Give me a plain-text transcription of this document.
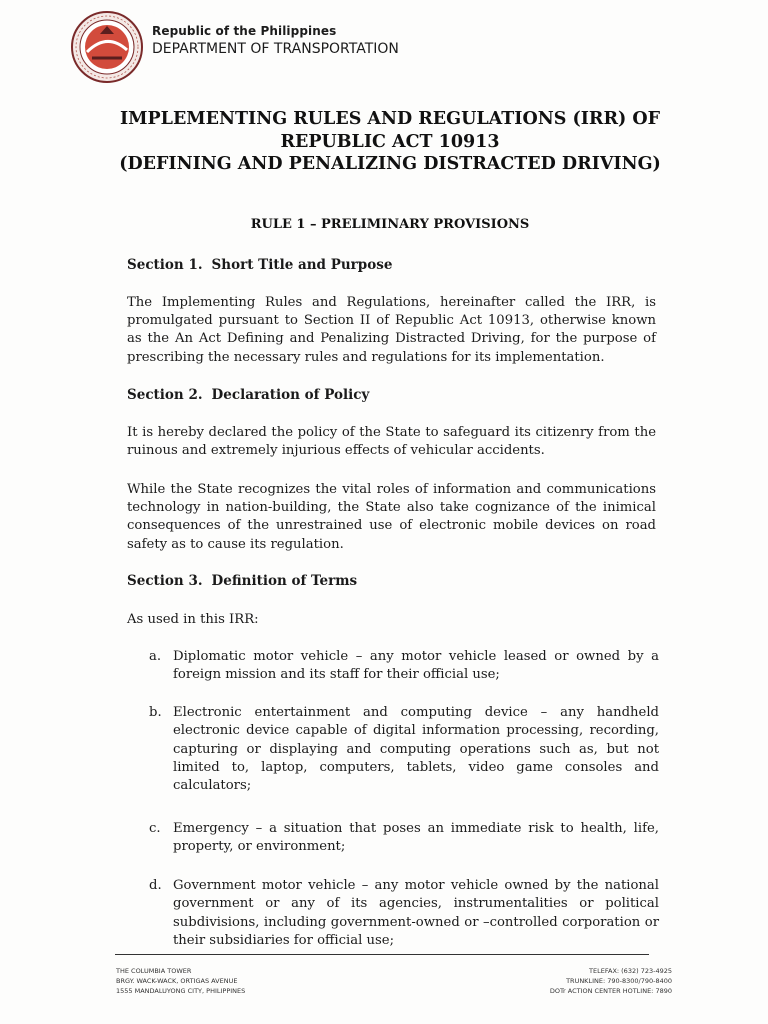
Republic of the Philippines
DEPARTMENT OF TRANSPORTATION
IMPLEMENTING RULES AND REGULATIONS (IRR) OF
REPUBLIC ACT 10913
(DEFINING AND PENALIZING DISTRACTED DRIVING)
RULE 1 – PRELIMINARY PROVISIONS
Section 1. Short Title and Purpose
The Implementing Rules and Regulations, hereinafter called the IRR, is promulgated pursuant to Section II of Republic Act 10913, otherwise known as the An Act Defining and Penalizing Distracted Driving, for the purpose of prescribing the necessary rules and regulations for its implementation.
Section 2. Declaration of Policy
It is hereby declared the policy of the State to safeguard its citizenry from the ruinous and extremely injurious effects of vehicular accidents.
While the State recognizes the vital roles of information and communications technology in nation-building, the State also take cognizance of the inimical consequences of the unrestrained use of electronic mobile devices on road safety as to cause its regulation.
Section 3. Definition of Terms
As used in this IRR:
a. Diplomatic motor vehicle – any motor vehicle leased or owned by a foreign mission and its staff for their official use;
b. Electronic entertainment and computing device – any handheld electronic device capable of digital information processing, recording, capturing or displaying and computing operations such as, but not limited to, laptop, computers, tablets, video game consoles and calculators;
c. Emergency – a situation that poses an immediate risk to health, life, property, or environment;
d. Government motor vehicle – any motor vehicle owned by the national government or any of its agencies, instrumentalities or political subdivisions, including government-owned or –controlled corporation or their subsidiaries for official use;
THE COLUMBIA TOWER
BRGY. WACK-WACK, ORTIGAS AVENUE
1555 MANDALUYONG CITY, PHILIPPINES
TELEFAX: (632) 723-4925
TRUNKLINE: 790-8300/790-8400
DOTr ACTION CENTER HOTLINE: 7890
